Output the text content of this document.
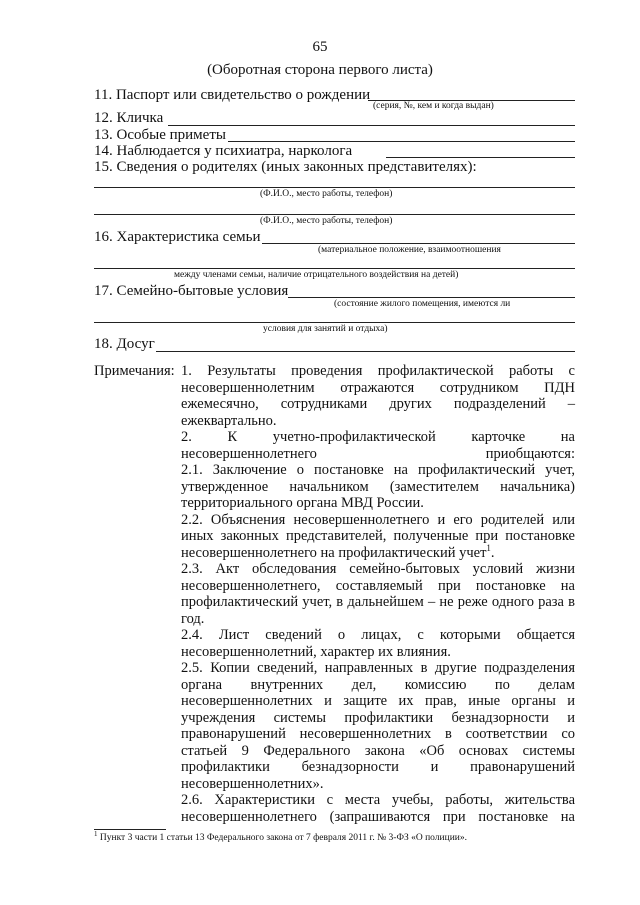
65
(Оборотная сторона первого листа)
11. Паспорт или свидетельство о рождении
(серия, №, кем и когда выдан)
12. Кличка
13. Особые приметы
14. Наблюдается у психиатра, нарколога
15. Сведения о родителях (иных законных представителях):
(Ф.И.О., место работы, телефон)
(Ф.И.О., место работы, телефон)
16. Характеристика семьи
(материальное положение, взаимоотношения
между членами семьи, наличие отрицательного воздействия на детей)
17. Семейно-бытовые условия
(состояние жилого помещения, имеются ли
условия для занятий и отдыха)
18. Досуг
Примечания: 1. Результаты проведения профилактической работы с несовершеннолетним отражаются сотрудником ПДН ежемесячно, сотрудниками других подразделений – ежеквартально.

2. К учетно-профилактической карточке на несовершеннолетнего приобщаются:

2.1. Заключение о постановке на профилактический учет, утвержденное начальником (заместителем начальника) территориального органа МВД России.

2.2. Объяснения несовершеннолетнего и его родителей или иных законных представителей, полученные при постановке несовершеннолетнего на профилактический учет$^1$.

2.3. Акт обследования семейно-бытовых условий жизни несовершеннолетнего, составляемый при постановке на профилактический учет, в дальнейшем – не реже одного раза в год.

2.4. Лист сведений о лицах, с которыми общается несовершеннолетний, характер их влияния.

2.5. Копии сведений, направленных в другие подразделения органа внутренних дел, комиссию по делам несовершеннолетних и защите их прав, иные органы и учреждения системы профилактики безнадзорности и правонарушений несовершеннолетних в соответствии со статьей 9 Федерального закона «Об основах системы профилактики безнадзорности и правонарушений несовершеннолетних».

2.6. Характеристики с места учебы, работы, жительства несовершеннолетнего (запрашиваются при постановке на

$^1$ Пункт 3 части 1 статьи 13 Федерального закона от 7 февраля 2011 г. № 3-ФЗ «О полиции».
